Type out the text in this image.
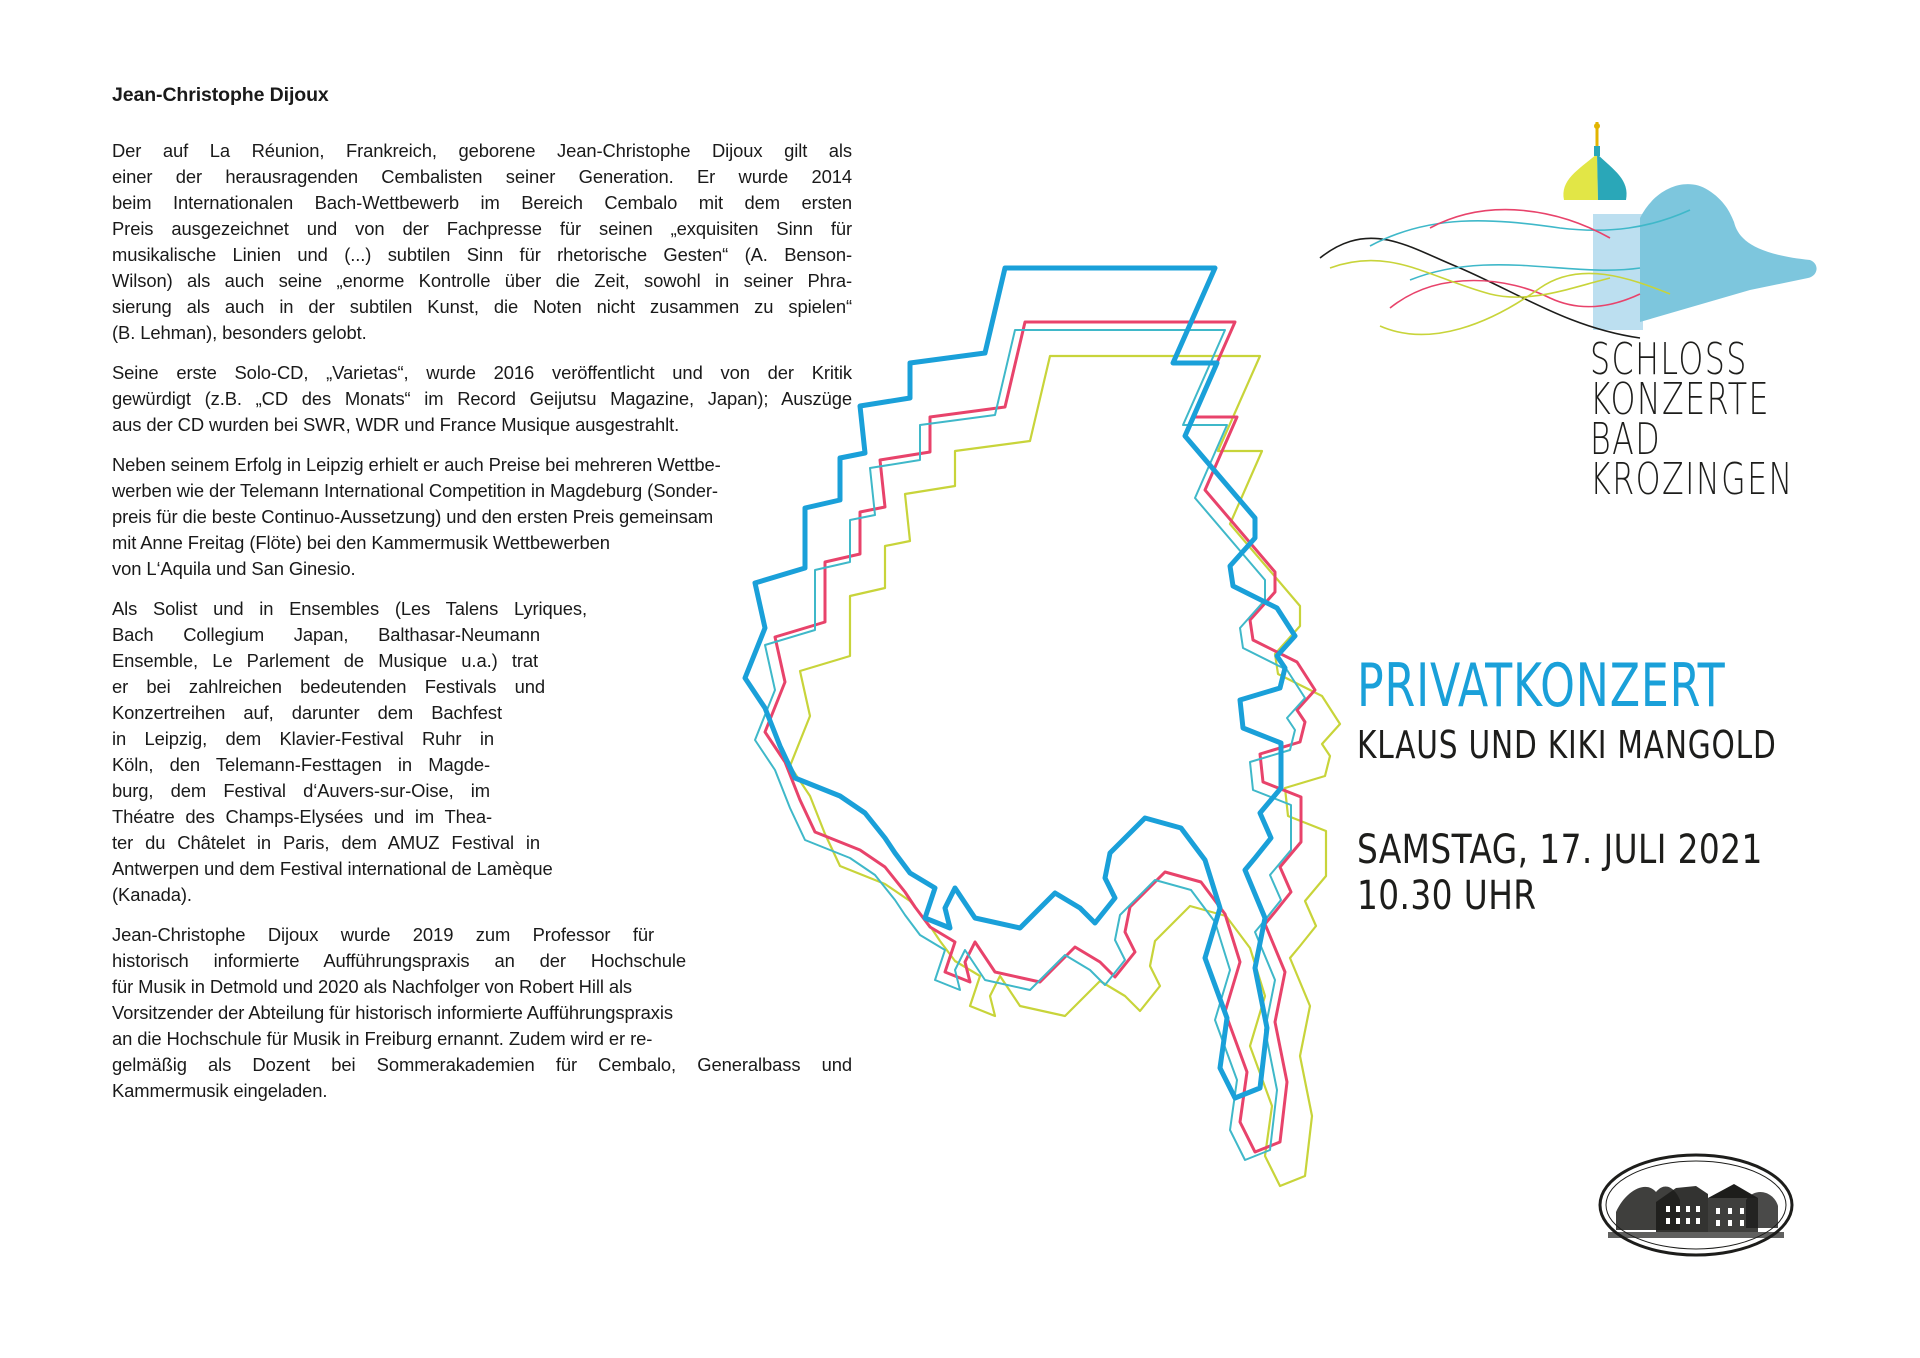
Jean-Christophe Dijoux
Der auf La Réunion, Frankreich, geborene Jean-Christophe Dijoux gilt als
einer der herausragenden Cembalisten seiner Generation. Er wurde 2014
beim Internationalen Bach-Wettbewerb im Bereich Cembalo mit dem ersten
Preis ausgezeichnet und von der Fachpresse für seinen „exquisiten Sinn für
musikalische Linien und (...) subtilen Sinn für rhetorische Gesten“ (A. Benson-
Wilson) als auch seine „enorme Kontrolle über die Zeit, sowohl in seiner Phra-
sierung als auch in der subtilen Kunst, die Noten nicht zusammen zu spielen“
(B. Lehman), besonders gelobt.
Seine erste Solo-CD, „Varietas“, wurde 2016 veröffentlicht und von der Kritik
gewürdigt (z.B. „CD des Monats“ im Record Geijutsu Magazine, Japan); Auszüge
aus der CD wurden bei SWR, WDR und France Musique ausgestrahlt.
Neben seinem Erfolg in Leipzig erhielt er auch Preise bei mehreren Wettbe-
werben wie der Telemann International Competition in Magdeburg (Sonder-
preis für die beste Continuo-Aussetzung) und den ersten Preis gemeinsam
mit Anne Freitag (Flöte) bei den Kammermusik Wettbewerben
von L‘Aquila und San Ginesio.
Als Solist und in Ensembles (Les Talens Lyriques,
Bach Collegium Japan, Balthasar-Neumann
Ensemble, Le Parlement de Musique u.a.) trat
er bei zahlreichen bedeutenden Festivals und
Konzertreihen auf, darunter dem Bachfest
in Leipzig, dem Klavier-Festival Ruhr in
Köln, den Telemann-Festtagen in Magde-
burg, dem Festival d‘Auvers-sur-Oise, im
Théatre des Champs-Elysées und im Thea-
ter du Châtelet in Paris, dem AMUZ Festival in
Antwerpen und dem Festival international de Lamèque
(Kanada).
Jean-Christophe Dijoux wurde 2019 zum Professor für
historisch informierte Aufführungspraxis an der Hochschule
für Musik in Detmold und 2020 als Nachfolger von Robert Hill als
Vorsitzender der Abteilung für historisch informierte Aufführungspraxis
an die Hochschule für Musik in Freiburg ernannt. Zudem wird er re-
gelmäßig als Dozent bei Sommerakademien für Cembalo, Generalbass und
Kammermusik eingeladen.
SCHLOSS
KONZERTE
BAD
KROZINGEN
PRIVATKONZERT
KLAUS UND KIKI MANGOLD
SAMSTAG, 17. JULI 2021
10.30 UHR
